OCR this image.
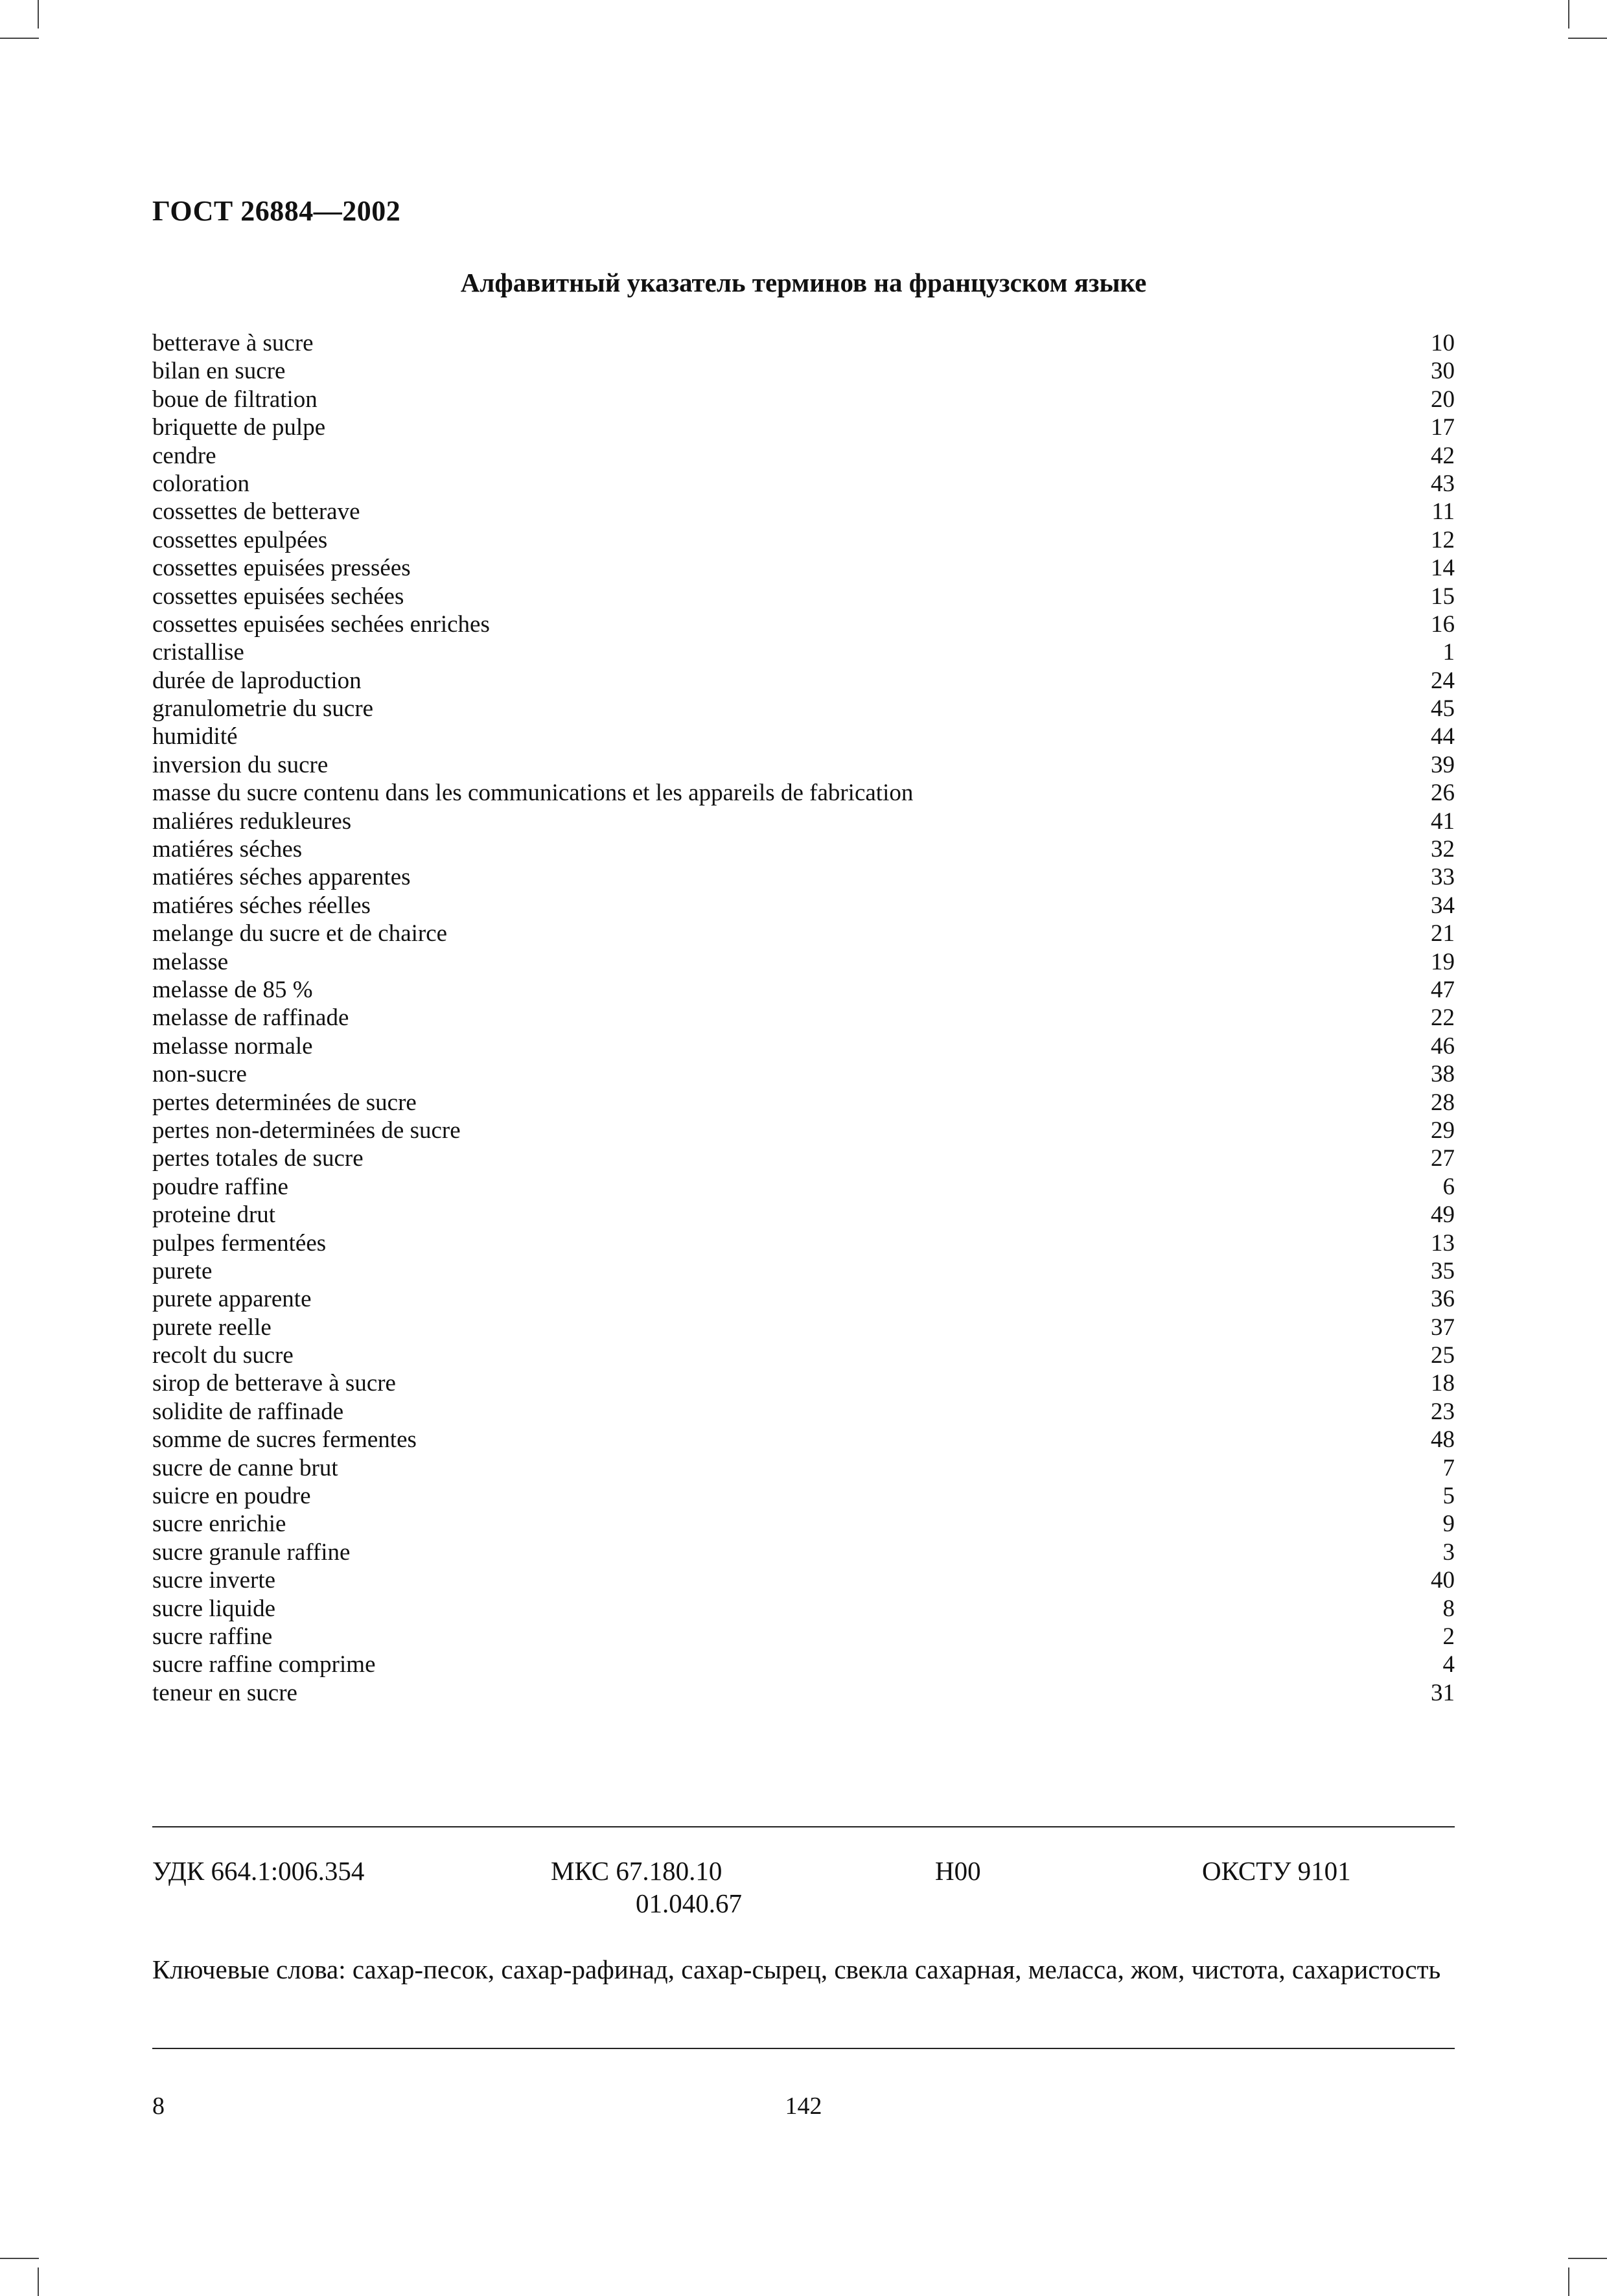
ГОСТ 26884—2002
Алфавитный указатель терминов на французском языке
betterave à sucre	10
bilan en sucre	30
boue de filtration	20
briquette de pulpe	17
cendre	42
coloration	43
cossettes de betterave	11
cossettes epulpées	12
cossettes epuisées pressées	14
cossettes epuisées sechées	15
cossettes epuisées sechées enriches	16
cristallise	1
durée de laproduction	24
granulometrie du sucre	45
humidité	44
inversion du sucre	39
masse du sucre contenu dans les communications et les appareils de fabrication	26
maliéres redukleures	41
matiéres séches	32
matiéres séches apparentes	33
matiéres séches réelles	34
melange du sucre et de chairce	21
melasse	19
melasse de 85 %	47
melasse de raffinade	22
melasse normale	46
non-sucre	38
pertes determinées de sucre	28
pertes non-determinées de sucre	29
pertes totales de sucre	27
poudre raffine	6
proteine drut	49
pulpes fermentées	13
purete	35
purete apparente	36
purete reelle	37
recolt du sucre	25
sirop de betterave à sucre	18
solidite de raffinade	23
somme de sucres fermentes	48
sucre de canne brut	7
suicre en poudre	5
sucre enrichie	9
sucre granule raffine	3
sucre inverte	40
sucre liquide	8
sucre raffine	2
sucre raffine comprime	4
teneur en sucre	31
УДК 664.1:006.354	МКС 67.180.10
01.040.67
Н00	ОКСТУ 9101
Ключевые слова: сахар-песок, сахар-рафинад, сахар-сырец, свекла сахарная, меласса, жом, чистота, сахаристость
8	142
